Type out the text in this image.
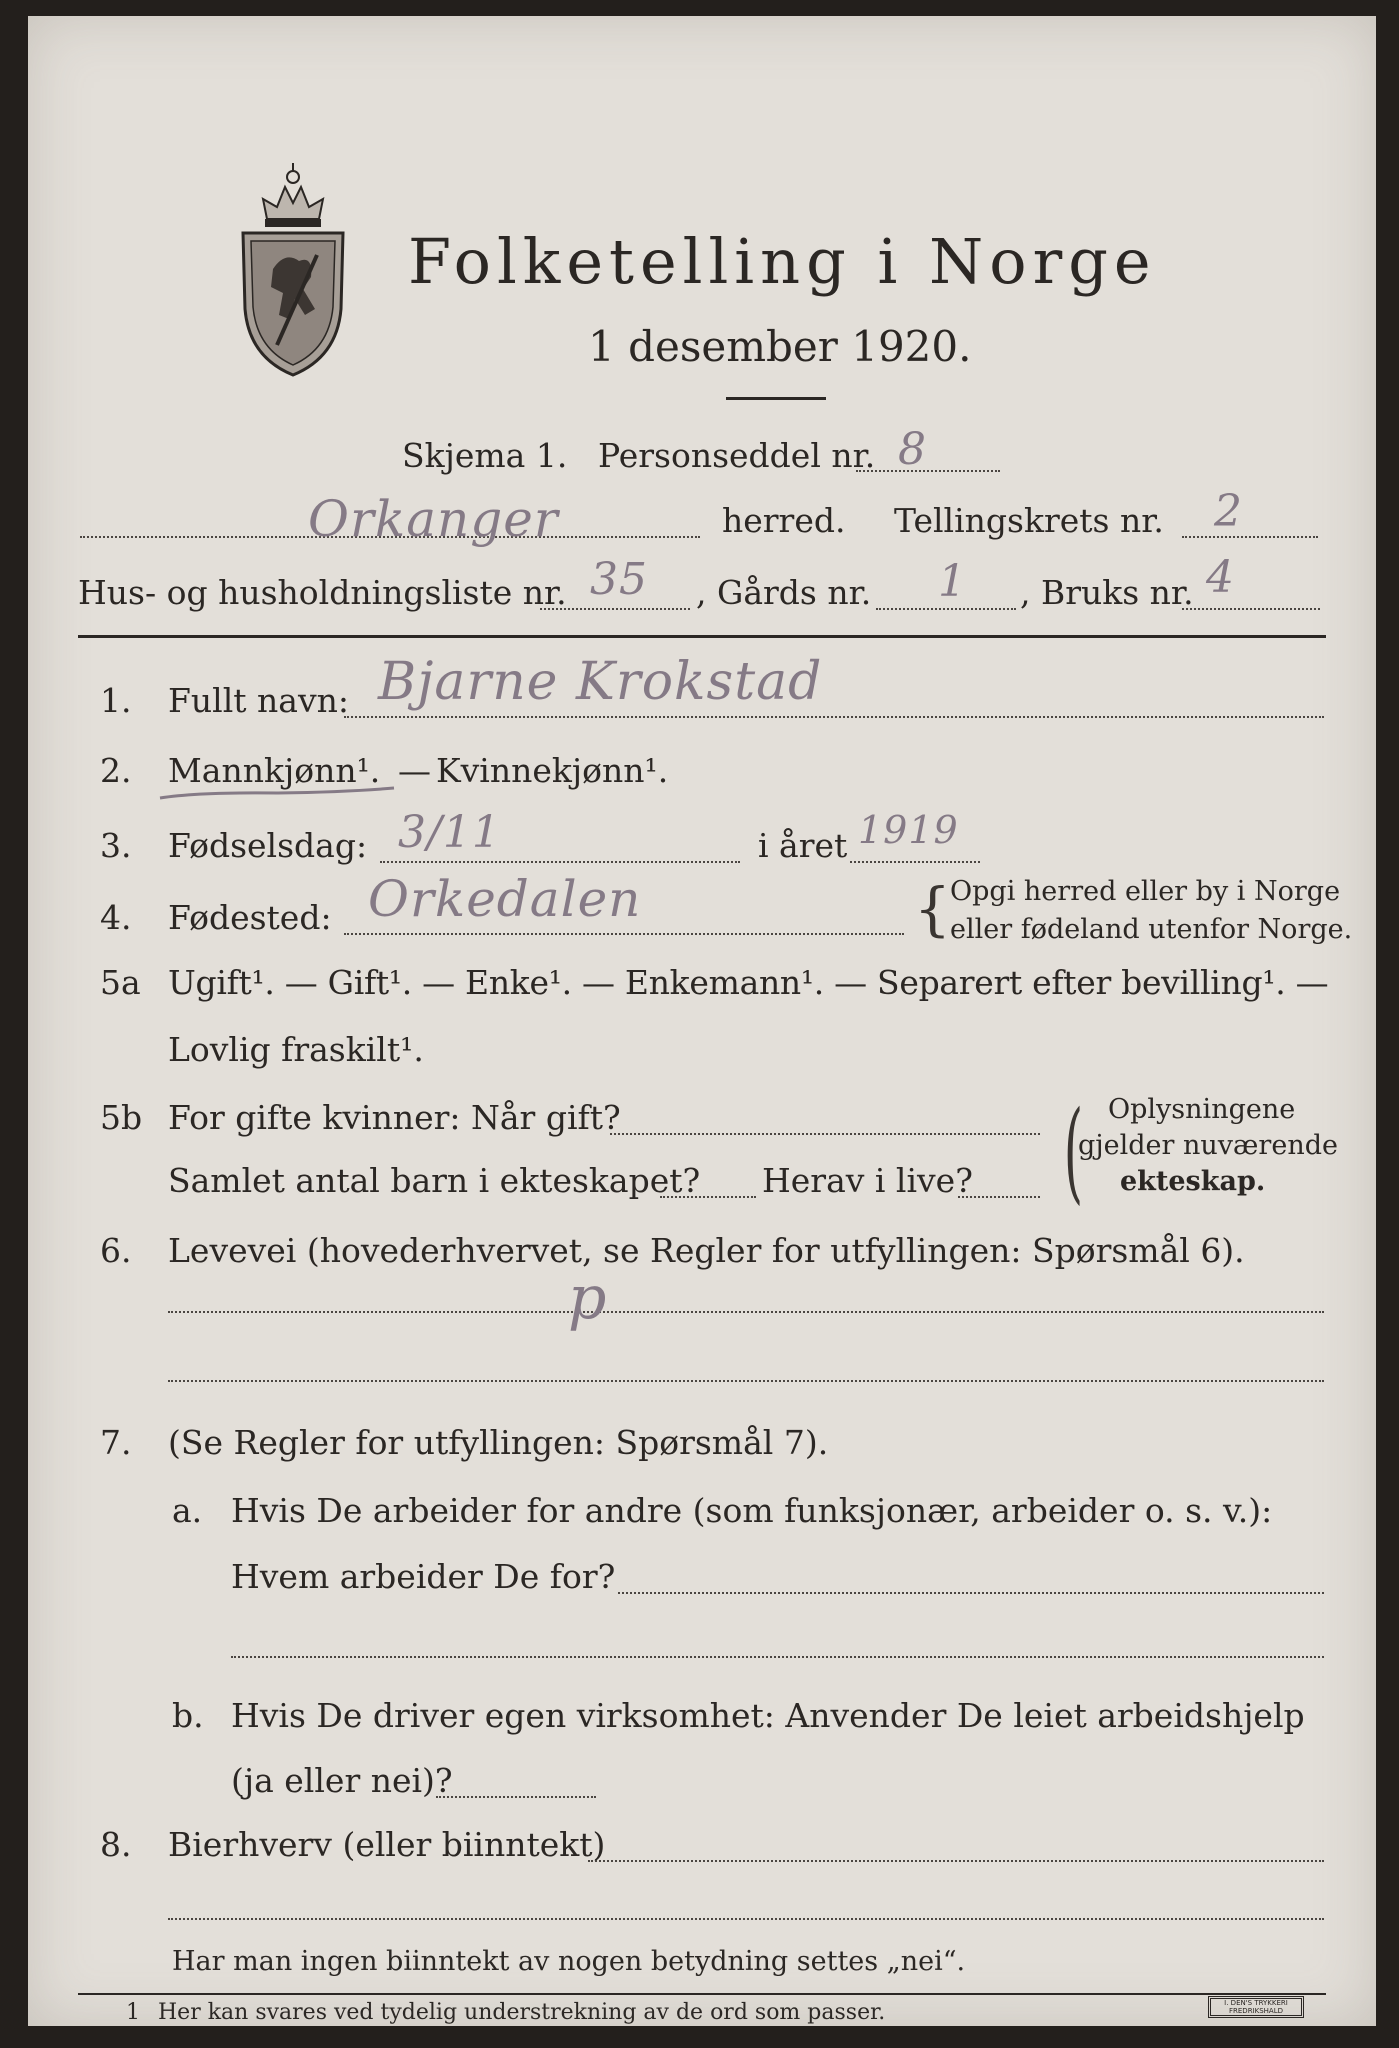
Folketelling i Norge
1 desember 1920.
Skjema 1. Personseddel nr. 8
Orkanger	herred. Tellingskrets nr. 2
Hus- og husholdningsliste nr. 35 , Gårds nr. 1 , Bruks nr. 4
1. Fullt navn: Bjarne Krokstad
2. Mannkjønn¹. — Kvinnekjønn¹.
3. Fødselsdag: 3/11	i året 1919
4. Fødested: Orkedalen	{ Opgi herred eller by i Norge
eller fødeland utenfor Norge.
5a Ugift¹. — Gift¹. — Enke¹. — Enkemann¹. — Separert efter bevilling¹. —
Lovlig fraskilt¹.
5b For gifte kvinner: Når gift?
Samlet antal barn i ekteskapet? Herav i live? ( Oplysningene
gjelder nuværende
ekteskap.
6. Levevei (hovederhvervet, se Regler for utfyllingen: Spørsmål 6).
p
7. (Se Regler for utfyllingen: Spørsmål 7).
a. Hvis De arbeider for andre (som funksjonær, arbeider o. s. v.):
Hvem arbeider De for?
b. Hvis De driver egen virksomhet: Anvender De leiet arbeidshjelp
(ja eller nei)?
8. Bierhverv (eller biinntekt)
Har man ingen biinntekt av nogen betydning settes „nei“.
1 Her kan svares ved tydelig understrekning av de ord som passer.	I. DEN'S TRYKKERI FREDRIKSHALD
